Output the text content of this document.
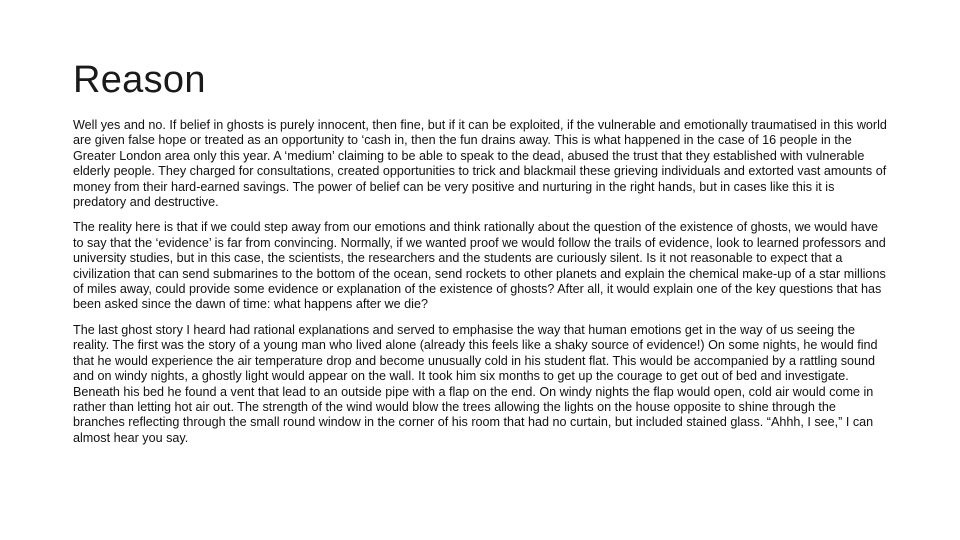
Reason

Well yes and no. If belief in ghosts is purely innocent, then fine, but if it can be exploited, if the vulnerable and emotionally traumatised in this world are given false hope or treated as an opportunity to ‘cash in, then the fun drains away. This is what happened in the case of 16 people in the Greater London area only this year. A ‘medium’ claiming to be able to speak to the dead, abused the trust that they established with vulnerable elderly people. They charged for consultations, created opportunities to trick and blackmail these grieving individuals and extorted vast amounts of money from their hard-earned savings. The power of belief can be very positive and nurturing in the right hands, but in cases like this it is predatory and destructive.

The reality here is that if we could step away from our emotions and think rationally about the question of the existence of ghosts, we would have to say that the ‘evidence’ is far from convincing. Normally, if we wanted proof we would follow the trails of evidence, look to learned professors and university studies, but in this case, the scientists, the researchers and the students are curiously silent. Is it not reasonable to expect that a civilization that can send submarines to the bottom of the ocean, send rockets to other planets and explain the chemical make-up of a star millions of miles away, could provide some evidence or explanation of the existence of ghosts? After all, it would explain one of the key questions that has been asked since the dawn of time: what happens after we die?

The last ghost story I heard had rational explanations and served to emphasise the way that human emotions get in the way of us seeing the reality. The first was the story of a young man who lived alone (already this feels like a shaky source of evidence!) On some nights, he would find that he would experience the air temperature drop and become unusually cold in his student flat. This would be accompanied by a rattling sound and on windy nights, a ghostly light would appear on the wall. It took him six months to get up the courage to get out of bed and investigate. Beneath his bed he found a vent that lead to an outside pipe with a flap on the end. On windy nights the flap would open, cold air would come in rather than letting hot air out. The strength of the wind would blow the trees allowing the lights on the house opposite to shine through the branches reflecting through the small round window in the corner of his room that had no curtain, but included stained glass. “Ahhh, I see,” I can almost hear you say.
